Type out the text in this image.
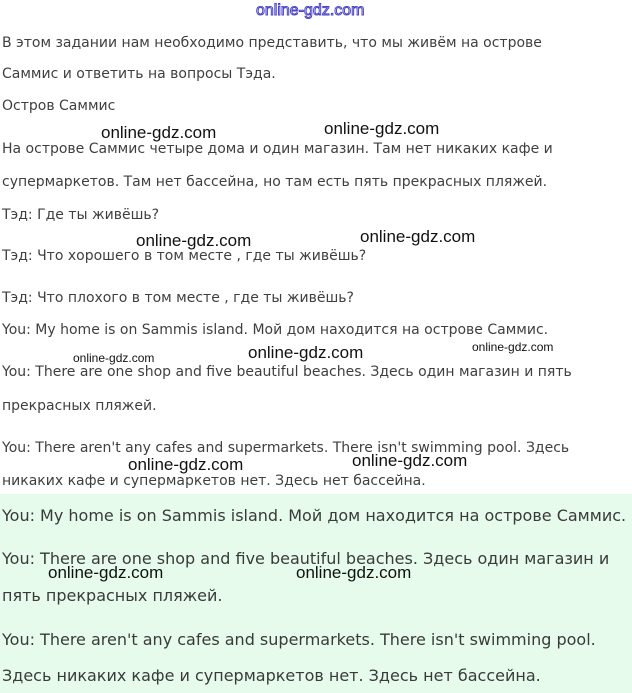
online-gdz.com
В этом задании нам необходимо представить, что мы живём на острове
Саммис и ответить на вопросы Тэда.
Остров Саммис
На острове Саммис четыре дома и один магазин. Там нет никаких кафе и
супермаркетов. Там нет бассейна, но там есть пять прекрасных пляжей.
Тэд: Где ты живёшь?
Тэд: Что хорошего в том месте , где ты живёшь?
Тэд: Что плохого в том месте , где ты живёшь?
You: My home is on Sammis island. Мой дом находится на острове Саммис.
You: There are one shop and five beautiful beaches. Здесь один магазин и пять
прекрасных пляжей.
You: There aren't any cafes and supermarkets. There isn't swimming pool. Здесь
никаких кафе и супермаркетов нет. Здесь нет бассейна.
You: My home is on Sammis island. Мой дом находится на острове Саммис.
You: There are one shop and five beautiful beaches. Здесь один магазин и
пять прекрасных пляжей.
You: There aren't any cafes and supermarkets. There isn't swimming pool.
Здесь никаких кафе и супермаркетов нет. Здесь нет бассейна.
online-gdz.com	online-gdz.com
online-gdz.com	online-gdz.com
online-gdz.com	online-gdz.com	online-gdz.com
online-gdz.com	online-gdz.com
online-gdz.com	online-gdz.com
